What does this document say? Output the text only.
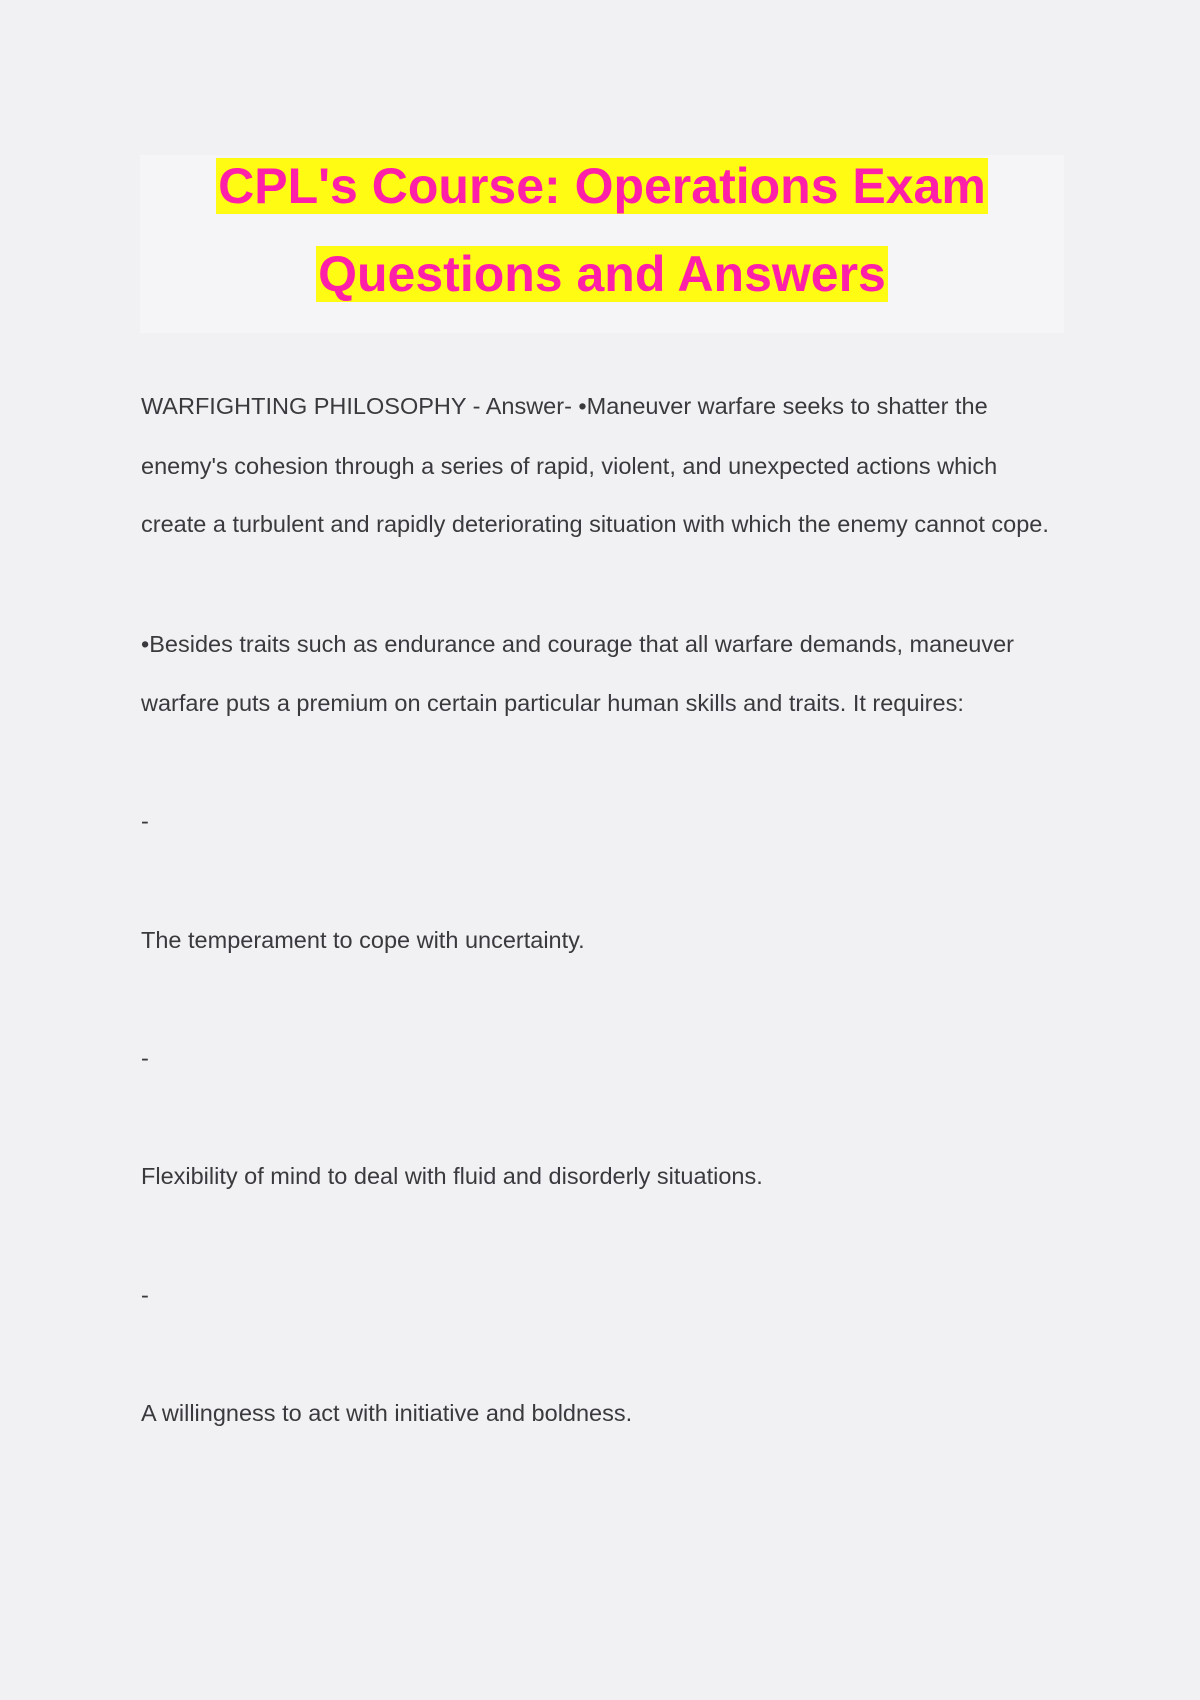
CPL's Course: Operations Exam
Questions and Answers
WARFIGHTING PHILOSOPHY - Answer- •Maneuver warfare seeks to shatter the
enemy's cohesion through a series of rapid, violent, and unexpected actions which
create a turbulent and rapidly deteriorating situation with which the enemy cannot cope.
•Besides traits such as endurance and courage that all warfare demands, maneuver
warfare puts a premium on certain particular human skills and traits. It requires:
-
The temperament to cope with uncertainty.
-
Flexibility of mind to deal with fluid and disorderly situations.
-
A willingness to act with initiative and boldness.
